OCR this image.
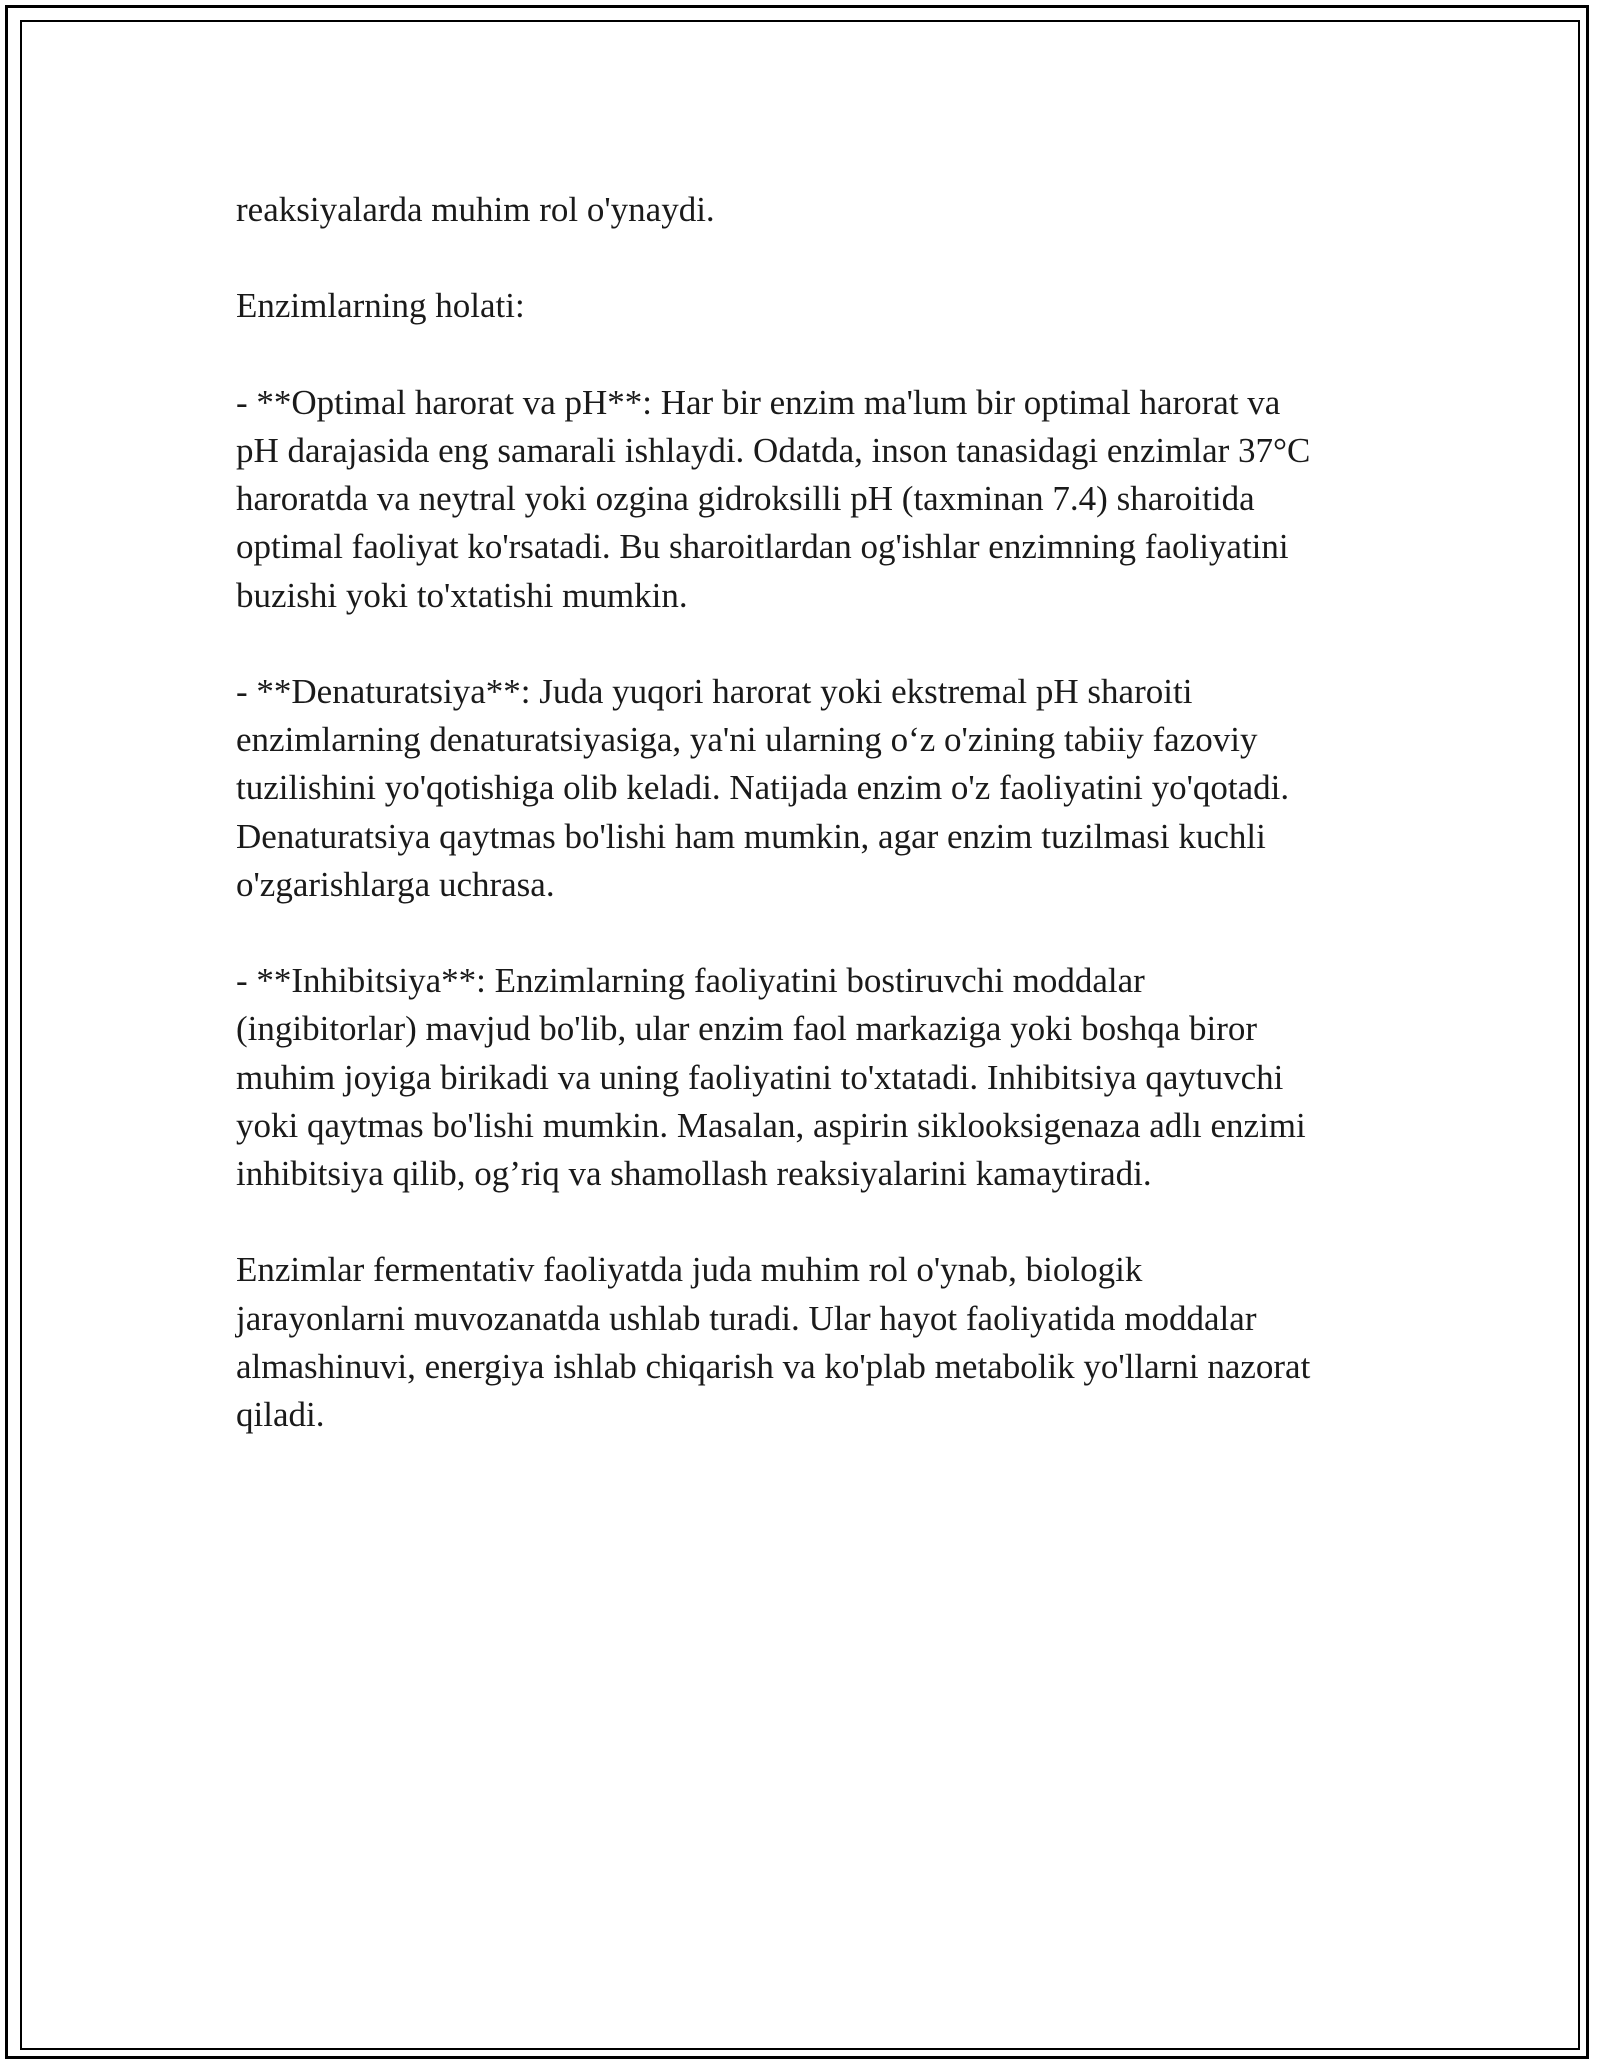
reaksiyalarda muhim rol o'ynaydi.

Enzimlarning holati:

- **Optimal harorat va pH**: Har bir enzim ma'lum bir optimal harorat va
pH darajasida eng samarali ishlaydi. Odatda, inson tanasidagi enzimlar 37°C
haroratda va neytral yoki ozgina gidroksilli pH (taxminan 7.4) sharoitida
optimal faoliyat ko'rsatadi. Bu sharoitlardan og'ishlar enzimning faoliyatini
buzishi yoki to'xtatishi mumkin.

- **Denaturatsiya**: Juda yuqori harorat yoki ekstremal pH sharoiti
enzimlarning denaturatsiyasiga, ya'ni ularning o‘z o'zining tabiiy fazoviy
tuzilishini yo'qotishiga olib keladi. Natijada enzim o'z faoliyatini yo'qotadi.
Denaturatsiya qaytmas bo'lishi ham mumkin, agar enzim tuzilmasi kuchli
o'zgarishlarga uchrasa.

- **Inhibitsiya**: Enzimlarning faoliyatini bostiruvchi moddalar
(ingibitorlar) mavjud bo'lib, ular enzim faol markaziga yoki boshqa biror
muhim joyiga birikadi va uning faoliyatini to'xtatadi. Inhibitsiya qaytuvchi
yoki qaytmas bo'lishi mumkin. Masalan, aspirin siklooksigenaza adlı enzimi
inhibitsiya qilib, og’riq va shamollash reaksiyalarini kamaytiradi.

Enzimlar fermentativ faoliyatda juda muhim rol o'ynab, biologik
jarayonlarni muvozanatda ushlab turadi. Ular hayot faoliyatida moddalar
almashinuvi, energiya ishlab chiqarish va ko'plab metabolik yo'llarni nazorat
qiladi.
